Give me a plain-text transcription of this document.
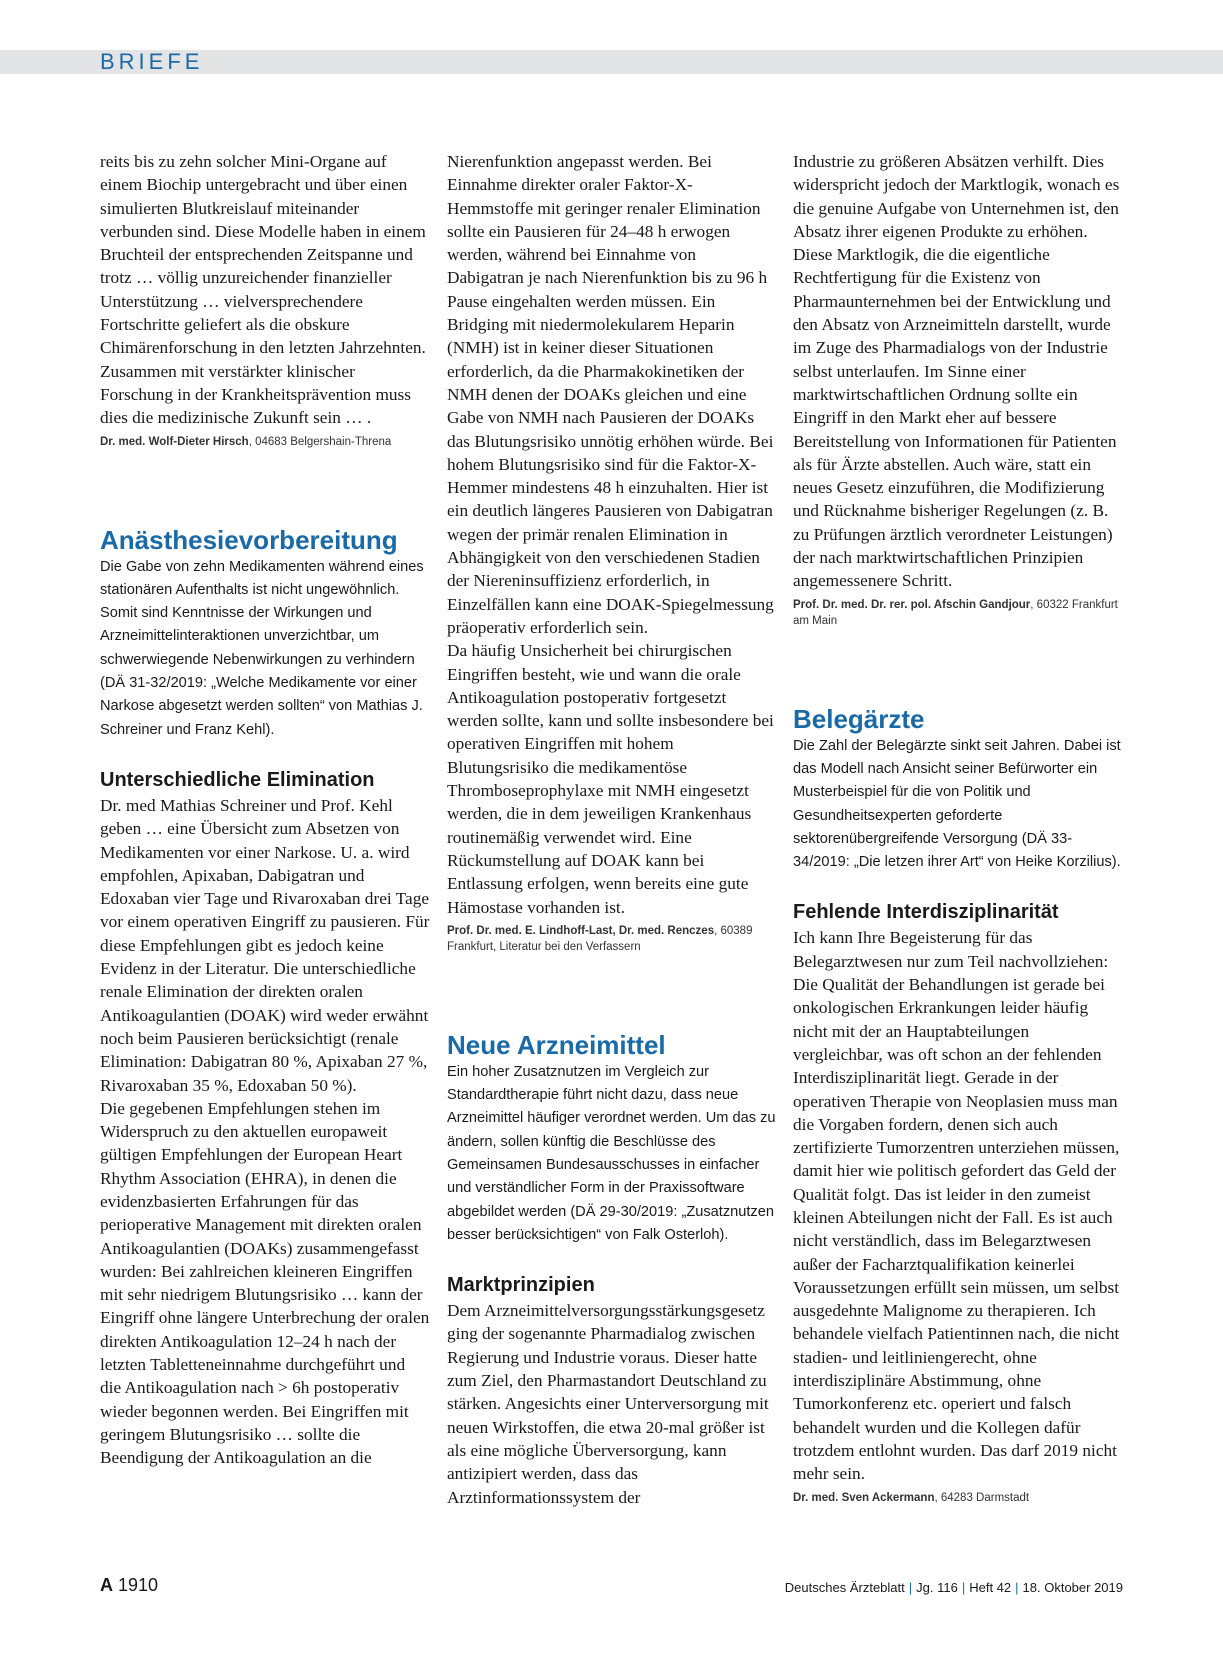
BRIEFE

reits bis zu zehn solcher Mini-Organe auf einem Biochip untergebracht und über einen simulierten Blutkreislauf miteinander verbunden sind. Diese Modelle haben in einem Bruchteil der entsprechenden Zeitspanne und trotz … völlig unzureichender finanzieller Unterstützung … vielversprechendere Fortschritte geliefert als die obskure Chimärenforschung in den letzten Jahrzehnten. Zusammen mit verstärkter klinischer Forschung in der Krankheitsprävention muss dies die medizinische Zukunft sein … .

Dr. med. Wolf-Dieter Hirsch, 04683 Belgershain-Threna

Anästhesievorbereitung

Die Gabe von zehn Medikamenten während eines stationären Aufenthalts ist nicht ungewöhnlich. Somit sind Kenntnisse der Wirkungen und Arzneimittelinteraktionen unverzichtbar, um schwerwiegende Nebenwirkungen zu verhindern (DÄ 31-32/2019: „Welche Medikamente vor einer Narkose abgesetzt werden sollten“ von Mathias J. Schreiner und Franz Kehl).

Unterschiedliche Elimination

Dr. med Mathias Schreiner und Prof. Kehl geben … eine Übersicht zum Absetzen von Medikamenten vor einer Narkose. U. a. wird empfohlen, Apixaban, Dabigatran und Edoxaban vier Tage und Rivaroxaban drei Tage vor einem operativen Eingriff zu pausieren. Für diese Empfehlungen gibt es jedoch keine Evidenz in der Literatur. Die unterschiedliche renale Elimination der direkten oralen Antikoagulantien (DOAK) wird weder erwähnt noch beim Pausieren berücksichtigt (renale Elimination: Dabigatran 80 %, Apixaban 27 %, Rivaroxaban 35 %, Edoxaban 50 %).

Die gegebenen Empfehlungen stehen im Widerspruch zu den aktuellen europaweit gültigen Empfehlungen der European Heart Rhythm Association (EHRA), in denen die evidenzbasierten Erfahrungen für das perioperative Management mit direkten oralen Antikoagulantien (DOAKs) zusammengefasst wurden: Bei zahlreichen kleineren Eingriffen mit sehr niedrigem Blutungsrisiko … kann der Eingriff ohne längere Unterbrechung der oralen direkten Antikoagulation 12–24 h nach der letzten Tabletteneinnahme durchgeführt und die Antikoagulation nach > 6h postoperativ wieder begonnen werden. Bei Eingriffen mit geringem Blutungsrisiko … sollte die Beendigung der Antikoagulation an die

Nierenfunktion angepasst werden. Bei Einnahme direkter oraler Faktor-X-Hemmstoffe mit geringer renaler Elimination sollte ein Pausieren für 24–48 h erwogen werden, während bei Einnahme von Dabigatran je nach Nierenfunktion bis zu 96 h Pause eingehalten werden müssen. Ein Bridging mit niedermolekularem Heparin (NMH) ist in keiner dieser Situationen erforderlich, da die Pharmakokinetiken der NMH denen der DOAKs gleichen und eine Gabe von NMH nach Pausieren der DOAKs das Blutungsrisiko unnötig erhöhen würde. Bei hohem Blutungsrisiko sind für die Faktor-X-Hemmer mindestens 48 h einzuhalten. Hier ist ein deutlich längeres Pausieren von Dabigatran wegen der primär renalen Elimination in Abhängigkeit von den verschiedenen Stadien der Niereninsuffizienz erforderlich, in Einzelfällen kann eine DOAK-Spiegelmessung präoperativ erforderlich sein.

Da häufig Unsicherheit bei chirurgischen Eingriffen besteht, wie und wann die orale Antikoagulation postoperativ fortgesetzt werden sollte, kann und sollte insbesondere bei operativen Eingriffen mit hohem Blutungsrisiko die medikamentöse Thromboseprophylaxe mit NMH eingesetzt werden, die in dem jeweiligen Krankenhaus routinemäßig verwendet wird. Eine Rückumstellung auf DOAK kann bei Entlassung erfolgen, wenn bereits eine gute Hämostase vorhanden ist.

Prof. Dr. med. E. Lindhoff-Last, Dr. med. Renczes, 60389 Frankfurt, Literatur bei den Verfassern

Neue Arzneimittel

Ein hoher Zusatznutzen im Vergleich zur Standardtherapie führt nicht dazu, dass neue Arzneimittel häufiger verordnet werden. Um das zu ändern, sollen künftig die Beschlüsse des Gemeinsamen Bundesausschusses in einfacher und verständlicher Form in der Praxissoftware abgebildet werden (DÄ 29-30/2019: „Zusatznutzen besser berücksichtigen“ von Falk Osterloh).

Marktprinzipien

Dem Arzneimittelversorgungsstärkungsgesetz ging der sogenannte Pharmadialog zwischen Regierung und Industrie voraus. Dieser hatte zum Ziel, den Pharmastandort Deutschland zu stärken. Angesichts einer Unterversorgung mit neuen Wirkstoffen, die etwa 20-mal größer ist als eine mögliche Überversorgung, kann antizipiert werden, dass das Arztinformationssystem der

Industrie zu größeren Absätzen verhilft. Dies widerspricht jedoch der Marktlogik, wonach es die genuine Aufgabe von Unternehmen ist, den Absatz ihrer eigenen Produkte zu erhöhen. Diese Marktlogik, die die eigentliche Rechtfertigung für die Existenz von Pharmaunternehmen bei der Entwicklung und den Absatz von Arzneimitteln darstellt, wurde im Zuge des Pharmadialogs von der Industrie selbst unterlaufen. Im Sinne einer marktwirtschaftlichen Ordnung sollte ein Eingriff in den Markt eher auf bessere Bereitstellung von Informationen für Patienten als für Ärzte abstellen. Auch wäre, statt ein neues Gesetz einzuführen, die Modifizierung und Rücknahme bisheriger Regelungen (z. B. zu Prüfungen ärztlich verordneter Leistungen) der nach marktwirtschaftlichen Prinzipien angemessenere Schritt.

Prof. Dr. med. Dr. rer. pol. Afschin Gandjour, 60322 Frankfurt am Main

Belegärzte

Die Zahl der Belegärzte sinkt seit Jahren. Dabei ist das Modell nach Ansicht seiner Befürworter ein Musterbeispiel für die von Politik und Gesundheitsexperten geforderte sektorenübergreifende Versorgung (DÄ 33-34/2019: „Die letzen ihrer Art“ von Heike Korzilius).

Fehlende Interdisziplinarität

Ich kann Ihre Begeisterung für das Belegarztwesen nur zum Teil nachvollziehen: Die Qualität der Behandlungen ist gerade bei onkologischen Erkrankungen leider häufig nicht mit der an Hauptabteilungen vergleichbar, was oft schon an der fehlenden Interdisziplinarität liegt. Gerade in der operativen Therapie von Neoplasien muss man die Vorgaben fordern, denen sich auch zertifizierte Tumorzentren unterziehen müssen, damit hier wie politisch gefordert das Geld der Qualität folgt. Das ist leider in den zumeist kleinen Abteilungen nicht der Fall. Es ist auch nicht verständlich, dass im Belegarztwesen außer der Facharztqualifikation keinerlei Voraussetzungen erfüllt sein müssen, um selbst ausgedehnte Malignome zu therapieren. Ich behandele vielfach Patientinnen nach, die nicht stadien- und leitliniengerecht, ohne interdisziplinäre Abstimmung, ohne Tumorkonferenz etc. operiert und falsch behandelt wurden und die Kollegen dafür trotzdem entlohnt wurden. Das darf 2019 nicht mehr sein.

Dr. med. Sven Ackermann, 64283 Darmstadt

A 1910	Deutsches Ärzteblatt | Jg. 116 | Heft 42 | 18. Oktober 2019
